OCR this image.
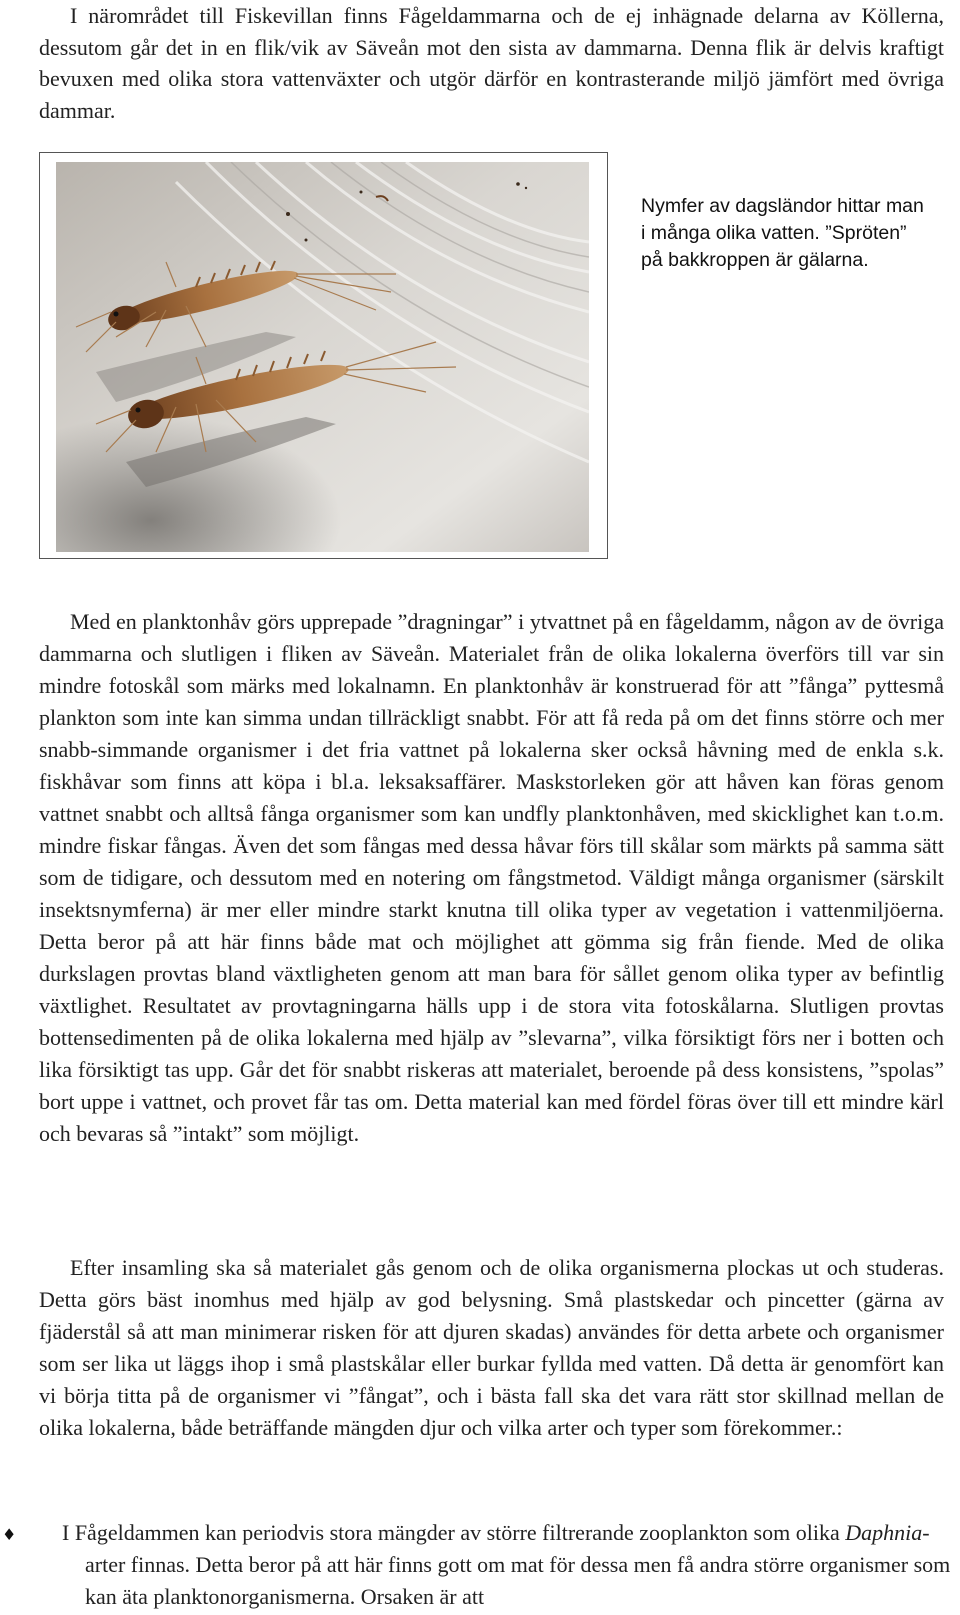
I närområdet till Fiskevillan finns Fågeldammarna och de ej inhägnade delarna av Köllerna, dessutom går det in en flik/vik av Säveån mot den sista av dammarna. Denna flik är delvis kraftigt bevuxen med olika stora vattenväxter och utgör därför en kontrasterande miljö jämfört med övriga dammar.

Nymfer av dagsländor hittar man i många olika vatten. ”Spröten” på bakkroppen är gälarna.

Med en planktonhåv görs upprepade ”dragningar” i ytvattnet på en fågeldamm, någon av de övriga dammarna och slutligen i fliken av Säveån. Materialet från de olika lokalerna överförs till var sin mindre fotoskål som märks med lokalnamn. En planktonhåv är konstruerad för att ”fånga” pyttesmå plankton som inte kan simma undan tillräckligt snabbt. För att få reda på om det finns större och mer snabb-simmande organismer i det fria vattnet på lokalerna sker också håvning med de enkla s.k. fiskhåvar som finns att köpa i bl.a. leksaksaffärer. Maskstorleken gör att håven kan föras genom vattnet snabbt och alltså fånga organismer som kan undfly planktonhåven, med skicklighet kan t.o.m. mindre fiskar fångas. Även det som fångas med dessa håvar förs till skålar som märkts på samma sätt som de tidigare, och dessutom med en notering om fångstmetod. Väldigt många organismer (särskilt insektsnymferna) är mer eller mindre starkt knutna till olika typer av vegetation i vattenmiljöerna. Detta beror på att här finns både mat och möjlighet att gömma sig från fiende. Med de olika durkslagen provtas bland växtligheten genom att man bara för sållet genom olika typer av befintlig växtlighet. Resultatet av provtagningarna hälls upp i de stora vita fotoskålarna. Slutligen provtas bottensedimenten på de olika lokalerna med hjälp av ”slevarna”, vilka försiktigt förs ner i botten och lika försiktigt tas upp. Går det för snabbt riskeras att materialet, beroende på dess konsistens, ”spolas” bort uppe i vattnet, och provet får tas om. Detta material kan med fördel föras över till ett mindre kärl och bevaras så ”intakt” som möjligt.

Efter insamling ska så materialet gås genom och de olika organismerna plockas ut och studeras. Detta görs bäst inomhus med hjälp av god belysning. Små plastskedar och pincetter (gärna av fjäderstål så att man minimerar risken för att djuren skadas) användes för detta arbete och organismer som ser lika ut läggs ihop i små plastskålar eller burkar fyllda med vatten. Då detta är genomfört kan vi börja titta på de organismer vi ”fångat”, och i bästa fall ska det vara rätt stor skillnad mellan de olika lokalerna, både beträffande mängden djur och vilka arter och typer som förekommer.:

♦ I Fågeldammen kan periodvis stora mängder av större filtrerande zooplankton som olika Daphnia-arter finnas. Detta beror på att här finns gott om mat för dessa men få andra större organismer som kan äta planktonorganismerna. Orsaken är att
